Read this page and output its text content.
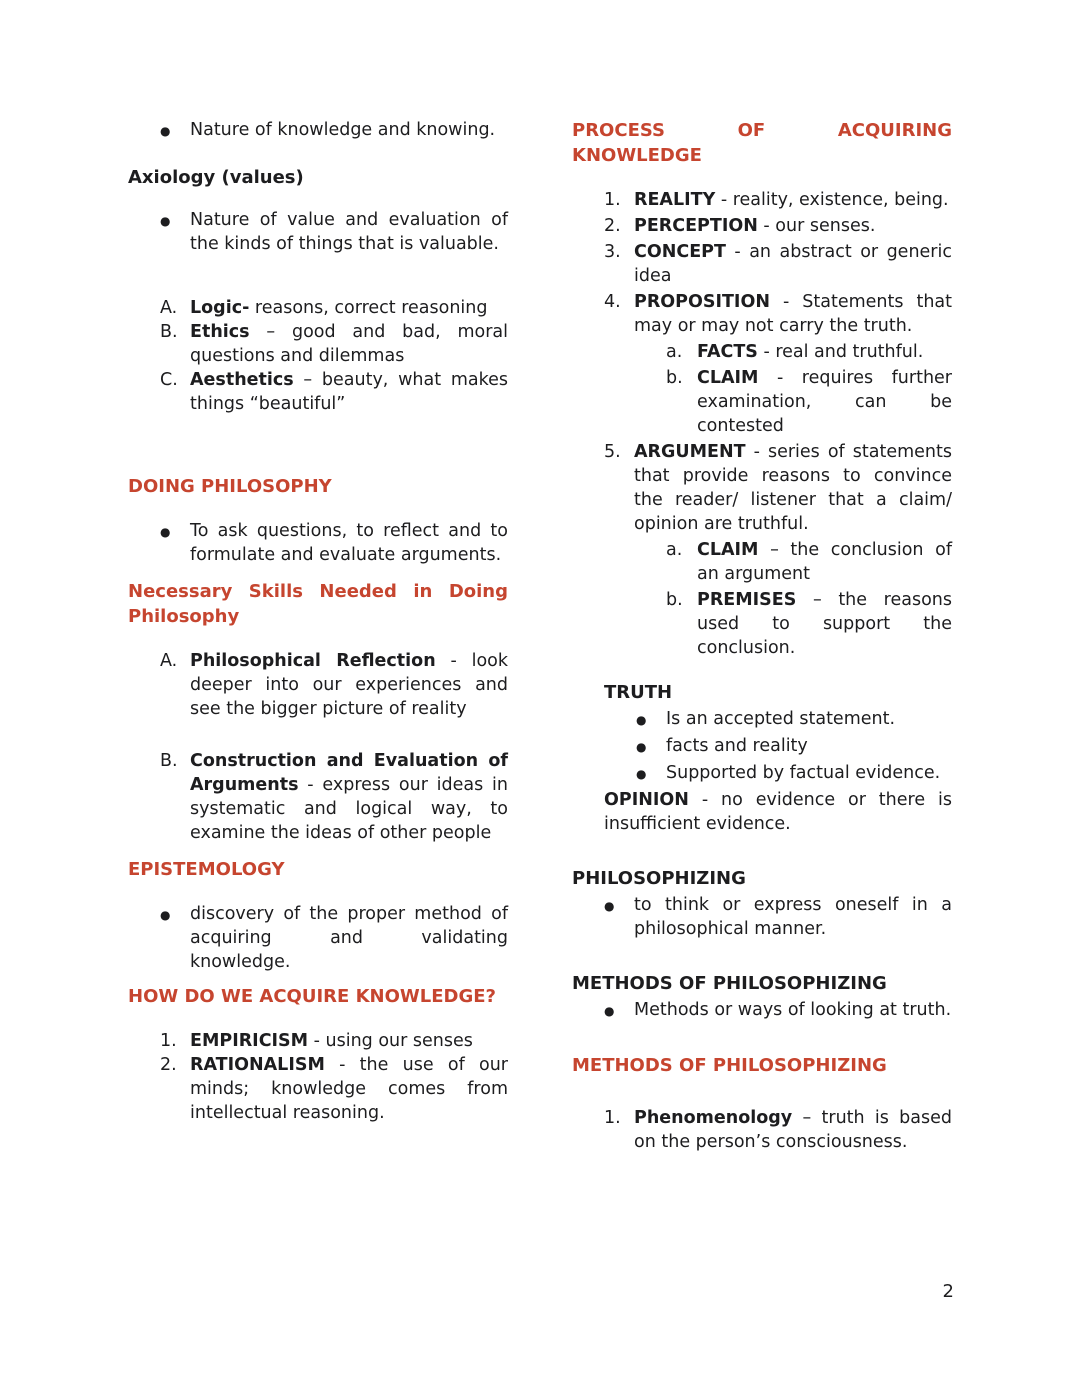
●	Nature of knowledge and knowing.
Axiology (values)
●	Nature of value and evaluation of the kinds of things that is valuable.
A. Logic- reasons, correct reasoning
B. Ethics – good and bad, moral questions and dilemmas
C. Aesthetics – beauty, what makes things “beautiful”
DOING PHILOSOPHY
●	To ask questions, to reflect and to formulate and evaluate arguments.
Necessary Skills Needed in Doing Philosophy
A. Philosophical Reflection - look deeper into our experiences and see the bigger picture of reality
B. Construction and Evaluation of Arguments - express our ideas in systematic and logical way, to examine the ideas of other people
EPISTEMOLOGY
●	discovery of the proper method of acquiring and validating knowledge.
HOW DO WE ACQUIRE KNOWLEDGE?
1. EMPIRICISM - using our senses
2. RATIONALISM - the use of our minds; knowledge comes from intellectual reasoning.
PROCESS OF ACQUIRING KNOWLEDGE
1. REALITY - reality, existence, being.
2. PERCEPTION - our senses.
3. CONCEPT - an abstract or generic idea
4. PROPOSITION - Statements that may or may not carry the truth.
a. FACTS - real and truthful.
b. CLAIM - requires further examination, can be contested
5. ARGUMENT - series of statements that provide reasons to convince the reader/ listener that a claim/ opinion are truthful.
a. CLAIM – the conclusion of an argument
b. PREMISES – the reasons used to support the conclusion.
TRUTH
●	Is an accepted statement.
●	facts and reality
●	Supported by factual evidence.
OPINION - no evidence or there is insufficient evidence.
PHILOSOPHIZING
●	to think or express oneself in a philosophical manner.
METHODS OF PHILOSOPHIZING
●	Methods or ways of looking at truth.
METHODS OF PHILOSOPHIZING
1. Phenomenology – truth is based on the person’s consciousness.
2
